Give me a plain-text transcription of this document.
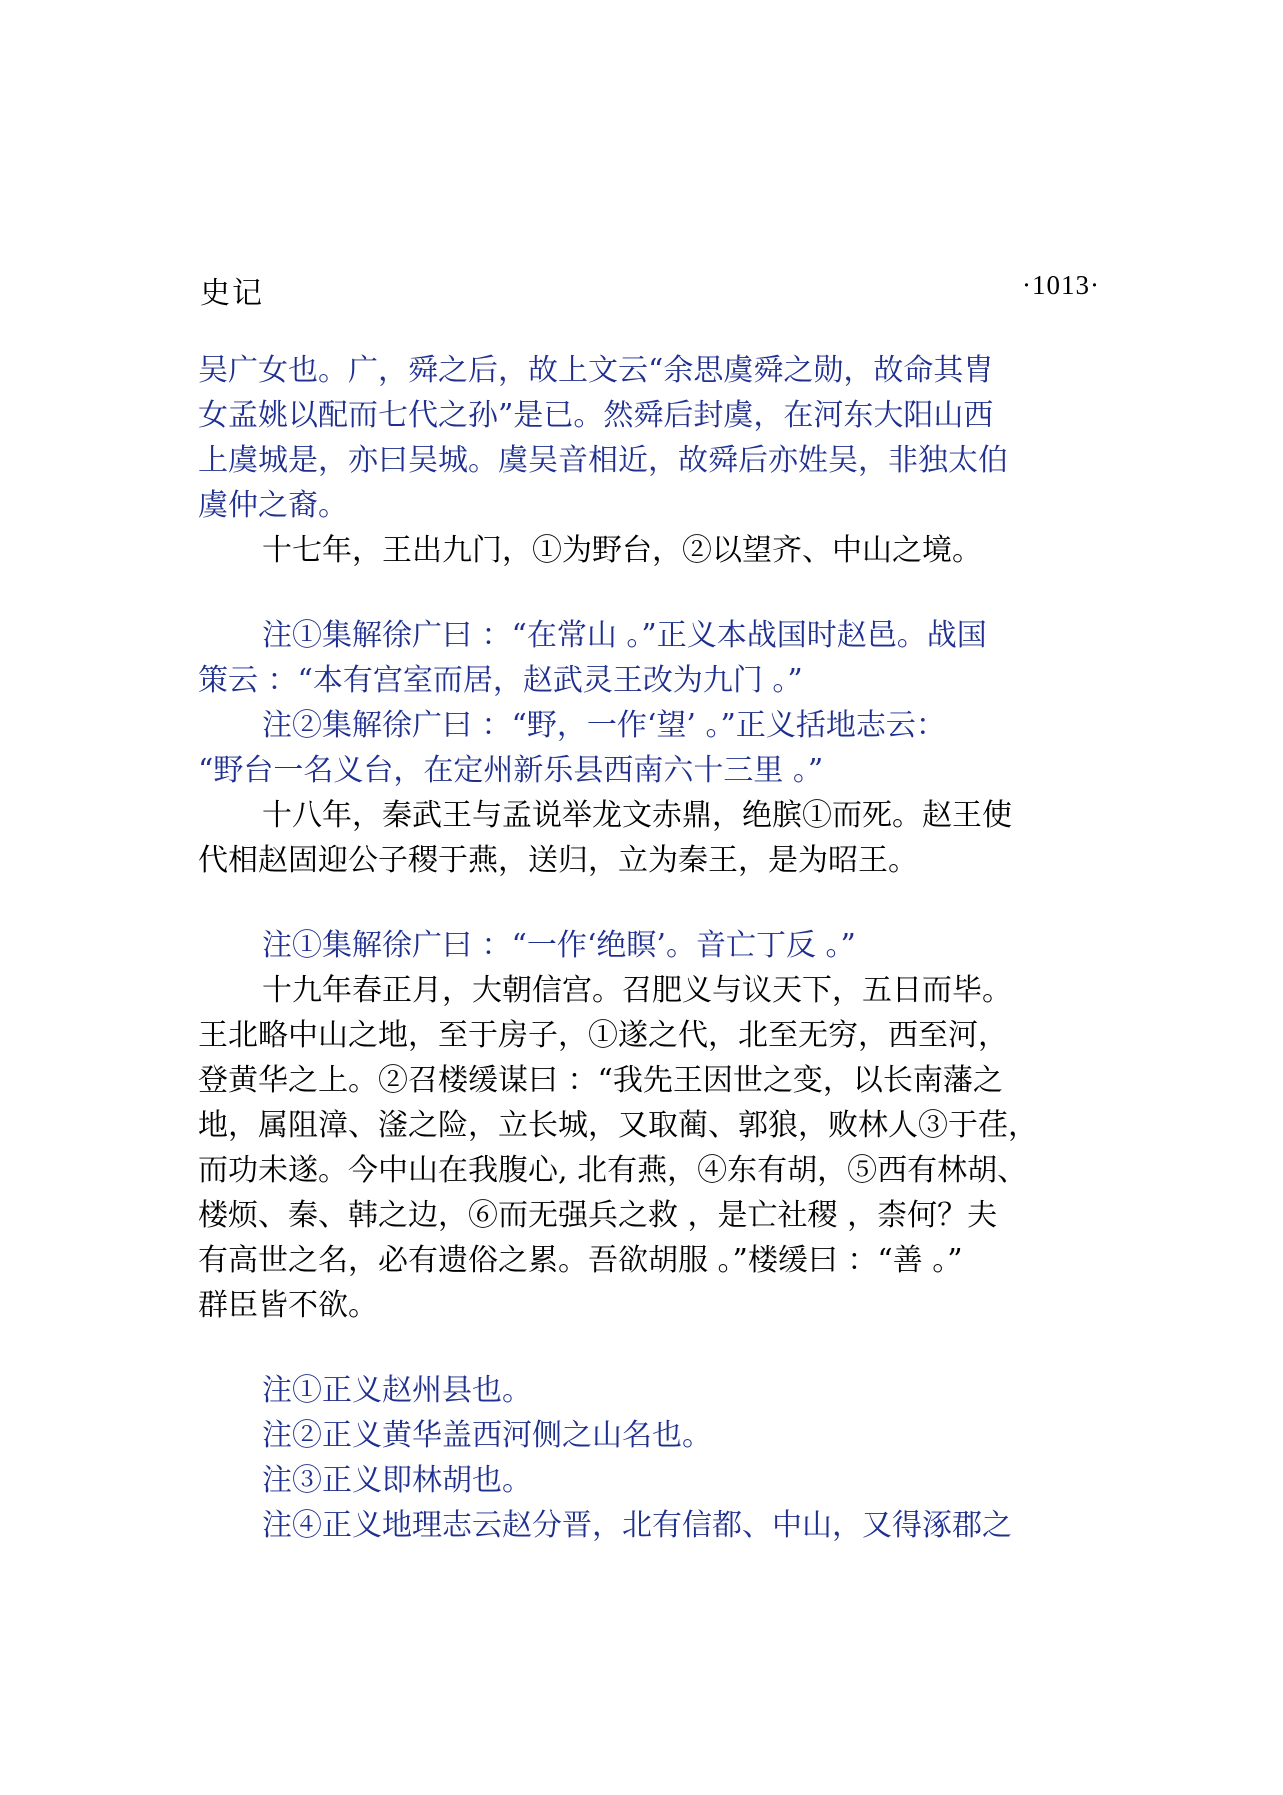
史记	·1013·
吴广女也。广，舜之后，故上文云“余思虞舜之勋，故命其胄
女孟姚以配而七代之孙”是已。然舜后封虞，在河东大阳山西
上虞城是，亦曰吴城。虞吴音相近，故舜后亦姓吴，非独太伯
虞仲之裔。
十七年，王出九门，①为野台，②以望齐、中山之境。
注①集解徐广曰 ：“在常山 。”正义本战国时赵邑。战国
策云 ：“本有宫室而居，赵武灵王改为九门 。”
注②集解徐广曰 ：“野，一作‘望’ 。”正义括地志云：
“野台一名义台，在定州新乐县西南六十三里 。”
十八年，秦武王与孟说举龙文赤鼎，绝膑①而死。赵王使
代相赵固迎公子稷于燕，送归，立为秦王，是为昭王。
注①集解徐广曰 ：“一作‘绝瞑’。音亡丁反 。”
十九年春正月，大朝信宫。召肥义与议天下，五日而毕。
王北略中山之地，至于房子，①遂之代，北至无穷，西至河，
登黄华之上。②召楼缓谋曰 ：“我先王因世之变，以长南藩之
地，属阻漳、滏之险，立长城，又取蔺、郭狼，败林人③于荏，
而功未遂。今中山在我腹心, 北有燕，④东有胡，⑤西有林胡、
楼烦、秦、韩之边，⑥而无强兵之救 ，是亡社稷 ，柰何？夫
有高世之名，必有遗俗之累。吾欲胡服 。”楼缓曰 ：“善 。”
群臣皆不欲。
注①正义赵州县也。
注②正义黄华盖西河侧之山名也。
注③正义即林胡也。
注④正义地理志云赵分晋，北有信都、中山，又得涿郡之
